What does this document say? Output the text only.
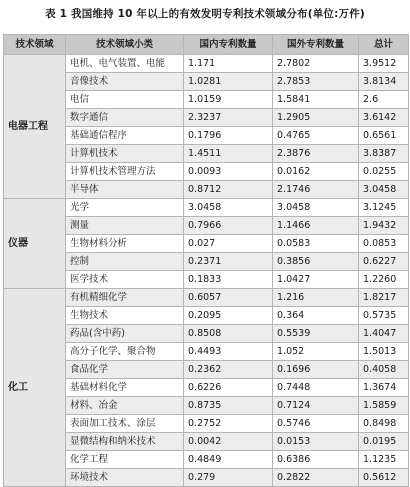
表 1 我国维持 10 年以上的有效发明专利技术领域分布(单位:万件)
技术领域	技术领域小类	国内专利数量	国外专利数量	总计
电器工程	电机、电气装置、电能	1.171	2.7802	3.9512
	音像技术	1.0281	2.7853	3.8134
	电信	1.0159	1.5841	2.6
	数字通信	2.3237	1.2905	3.6142
	基础通信程序	0.1796	0.4765	0.6561
	计算机技术	1.4511	2.3876	3.8387
	计算机技术管理方法	0.0093	0.0162	0.0255
	半导体	0.8712	2.1746	3.0458
仪器	光学	3.0458	3.0458	3.1245
	测量	0.7966	1.1466	1.9432
	生物材料分析	0.027	0.0583	0.0853
	控制	0.2371	0.3856	0.6227
	医学技术	0.1833	1.0427	1.2260
化工	有机精细化学	0.6057	1.216	1.8217
	生物技术	0.2095	0.364	0.5735
	药品(含中药)	0.8508	0.5539	1.4047
	高分子化学、聚合物	0.4493	1.052	1.5013
	食品化学	0.2362	0.1696	0.4058
	基础材料化学	0.6226	0.7448	1.3674
	材料、冶金	0.8735	0.7124	1.5859
	表面加工技术、涂层	0.2752	0.5746	0.8498
	显微结构和纳米技术	0.0042	0.0153	0.0195
	化学工程	0.4849	0.6386	1.1235
	环境技术	0.279	0.2822	0.5612
